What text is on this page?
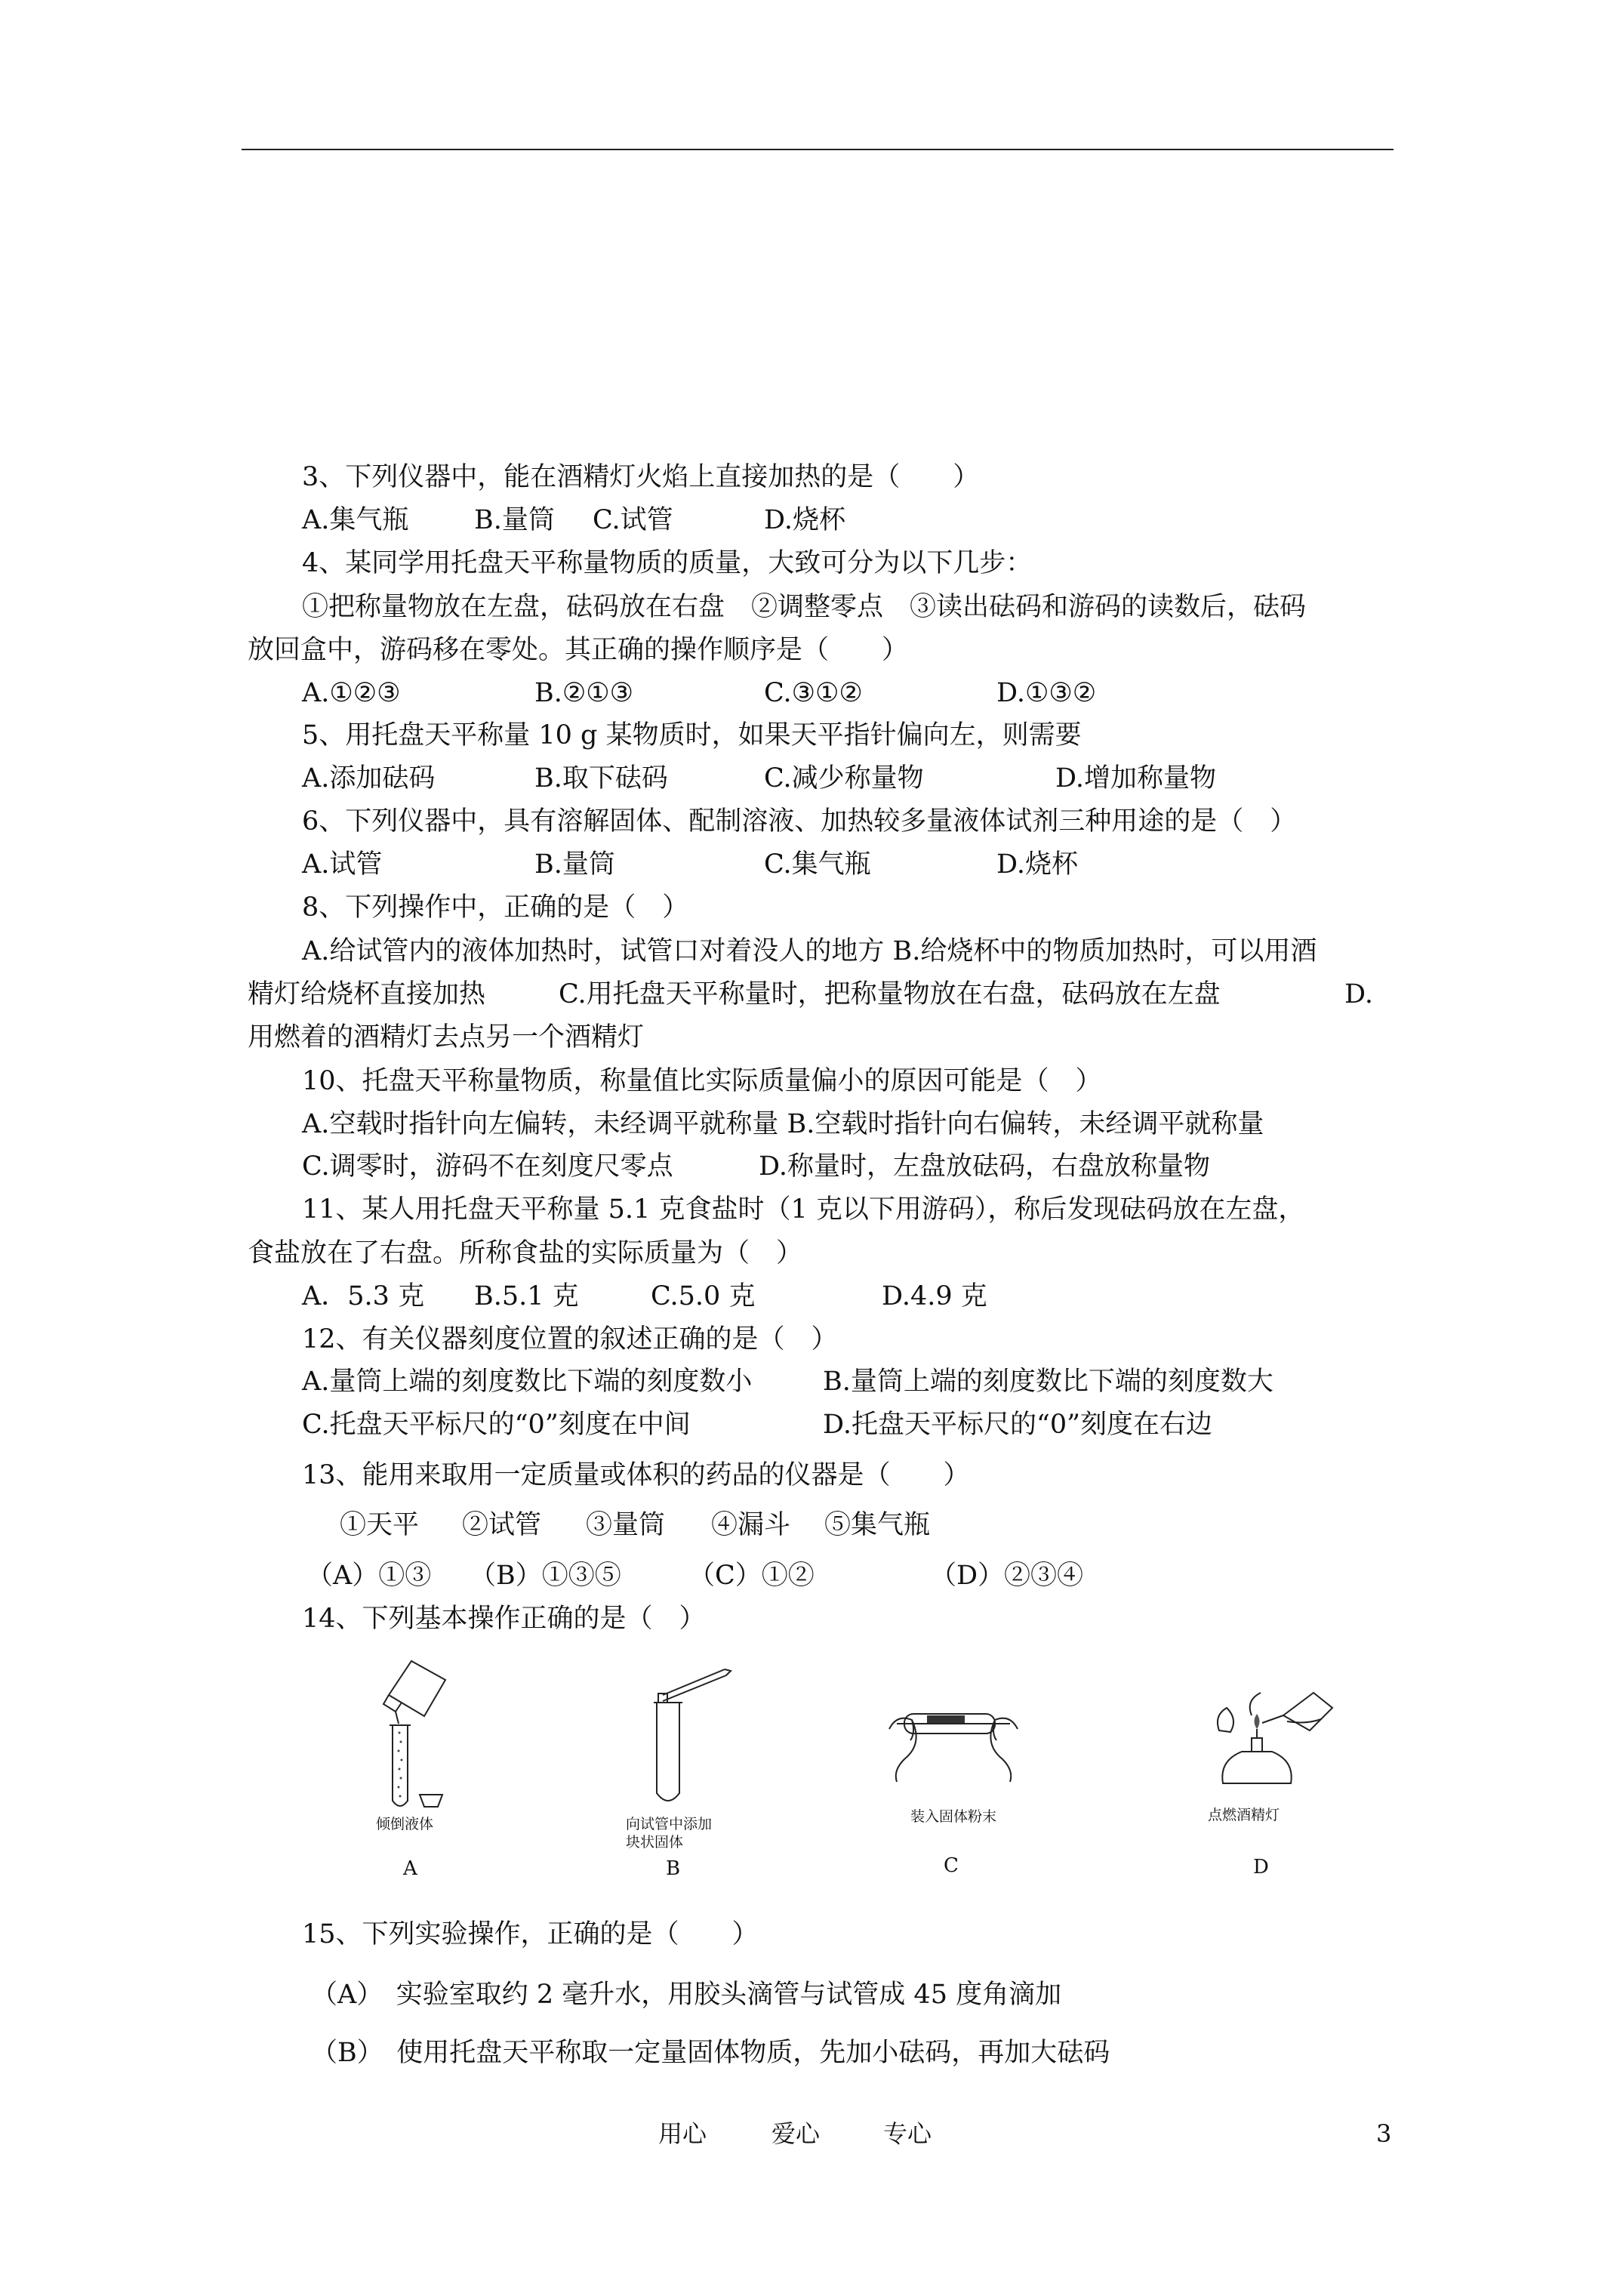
3、下列仪器中，能在酒精灯火焰上直接加热的是（　　）
A.集气瓶 B.量筒 C.试管	D.烧杯
4、某同学用托盘天平称量物质的质量，大致可分为以下几步：
①把称量物放在左盘，砝码放在右盘　②调整零点　③读出砝码和游码的读数后，砝码
放回盒中，游码移在零处。其正确的操作顺序是（　　）
A.①②③	B.②①③	C.③①②	D.①③②
5、用托盘天平称量 10 g 某物质时，如果天平指针偏向左，则需要
A.添加砝码	B.取下砝码	C.减少称量物	D.增加称量物
6、下列仪器中，具有溶解固体、配制溶液、加热较多量液体试剂三种用途的是（　）
A.试管	B.量筒	C.集气瓶	D.烧杯
8、下列操作中，正确的是（　）
A.给试管内的液体加热时，试管口对着没人的地方 B.给烧杯中的物质加热时，可以用酒
精灯给烧杯直接加热	C.用托盘天平称量时，把称量物放在右盘，砝码放在左盘	D.
用燃着的酒精灯去点另一个酒精灯
10、托盘天平称量物质，称量值比实际质量偏小的原因可能是（　）
A.空载时指针向左偏转，未经调平就称量 B.空载时指针向右偏转，未经调平就称量
C.调零时，游码不在刻度尺零点	D.称量时，左盘放砝码，右盘放称量物
11、某人用托盘天平称量 5.1 克食盐时（1 克以下用游码），称后发现砝码放在左盘，
食盐放在了右盘。所称食盐的实际质量为（　）
A．5.3 克 B.5.1 克	C.5.0 克	D.4.9 克
12、有关仪器刻度位置的叙述正确的是（　）
A.量筒上端的刻度数比下端的刻度数小	B.量筒上端的刻度数比下端的刻度数大
C.托盘天平标尺的“0”刻度在中间	D.托盘天平标尺的“0”刻度在右边
13、能用来取用一定质量或体积的药品的仪器是（　　）
①天平 ②试管 ③量筒 ④漏斗 ⑤集气瓶
（A）①③ （B）①③⑤	（C）①②	（D）②③④
14、下列基本操作正确的是（　）
倾倒液体
A
向试管中添加
块状固体
B
装入固体粉末
C
点燃酒精灯
D
15、下列实验操作，正确的是（　　）
（A）　实验室取约 2 毫升水，用胶头滴管与试管成 45 度角滴加
（B）　使用托盘天平称取一定量固体物质，先加小砝码，再加大砝码
用心	爱心	专心	3
